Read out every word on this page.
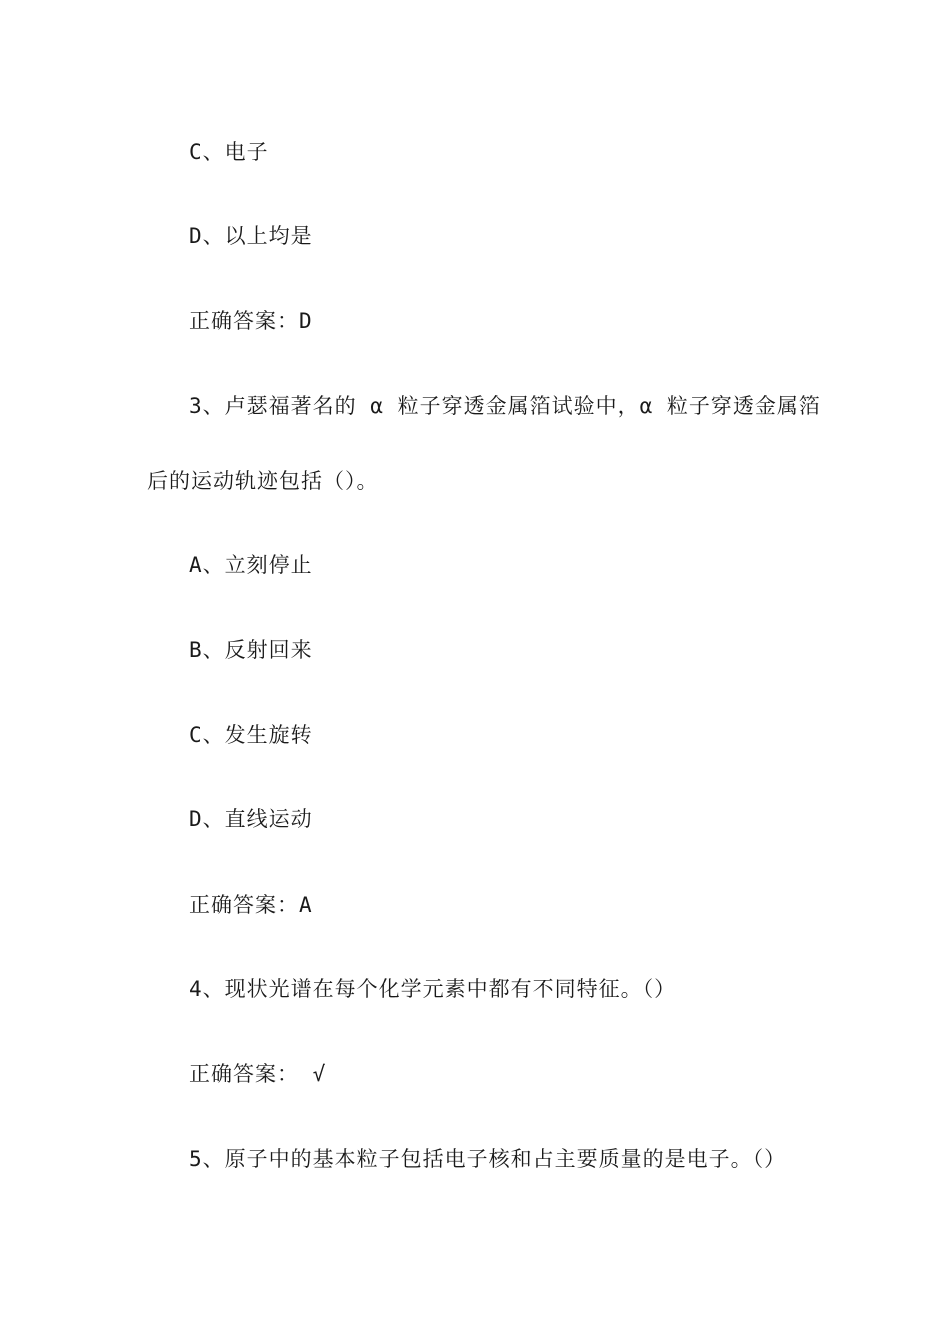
C、电子
D、以上均是
正确答案：D
3、卢瑟福著名的 α 粒子穿透金属箔试验中，α 粒子穿透金属箔
后的运动轨迹包括（）。
A、立刻停止
B、反射回来
C、发生旋转
D、直线运动
正确答案：A
4、现状光谱在每个化学元素中都有不同特征。（）
正确答案： √
5、原子中的基本粒子包括电子核和占主要质量的是电子。（）
